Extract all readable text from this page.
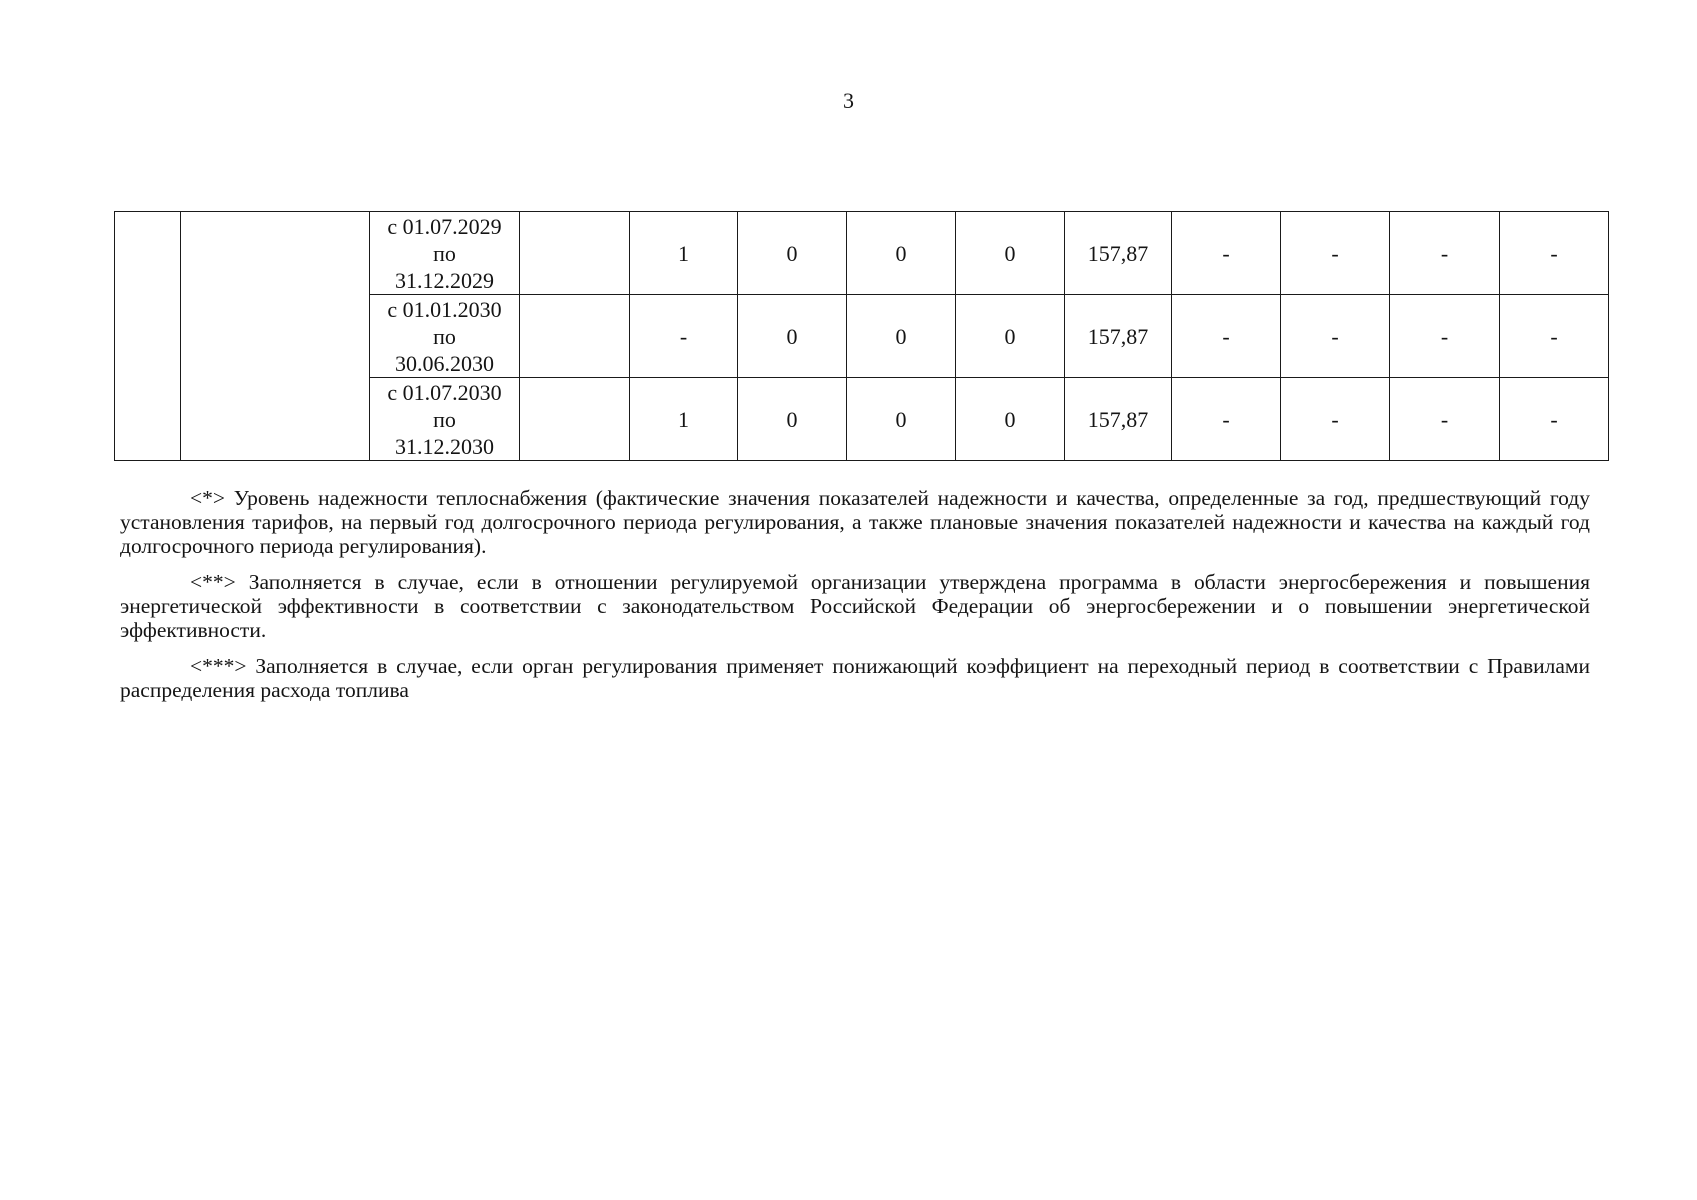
3

		с 01.07.2029
по
31.12.2029		1	0	0	0	157,87	-	-	-	-

		с 01.01.2030
по
30.06.2030		-	0	0	0	157,87	-	-	-	-

		с 01.07.2030
по
31.12.2030		1	0	0	0	157,87	-	-	-	-

<*> Уровень надежности теплоснабжения (фактические значения показателей надежности и качества, определенные за год, предшествующий году установления тарифов, на первый год долгосрочного периода регулирования, а также плановые значения показателей надежности и качества на каждый год долгосрочного периода регулирования).

<**> Заполняется в случае, если в отношении регулируемой организации утверждена программа в области энергосбережения и повышения энергетической эффективности в соответствии с законодательством Российской Федерации об энергосбережении и о повышении энергетической эффективности.

<***> Заполняется в случае, если орган регулирования применяет понижающий коэффициент на переходный период в соответствии с Правилами распределения расхода топлива
